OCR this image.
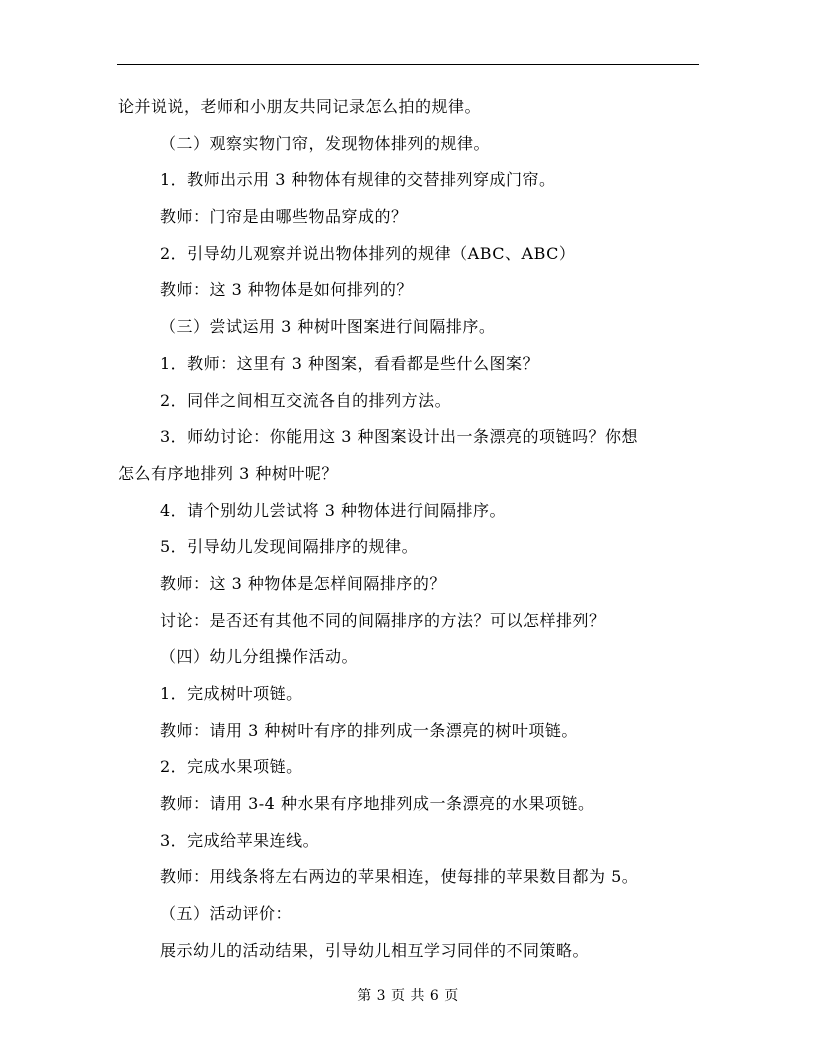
论并说说，老师和小朋友共同记录怎么拍的规律。
（二）观察实物门帘，发现物体排列的规律。
1．教师出示用 3 种物体有规律的交替排列穿成门帘。
教师：门帘是由哪些物品穿成的？
2．引导幼儿观察并说出物体排列的规律（ABC、ABC）
教师：这 3 种物体是如何排列的？
（三）尝试运用 3 种树叶图案进行间隔排序。
1．教师：这里有 3 种图案，看看都是些什么图案？
2．同伴之间相互交流各自的排列方法。
3．师幼讨论：你能用这 3 种图案设计出一条漂亮的项链吗？你想
怎么有序地排列 3 种树叶呢？
4．请个别幼儿尝试将 3 种物体进行间隔排序。
5．引导幼儿发现间隔排序的规律。
教师：这 3 种物体是怎样间隔排序的？
讨论：是否还有其他不同的间隔排序的方法？可以怎样排列？
（四）幼儿分组操作活动。
1．完成树叶项链。
教师：请用 3 种树叶有序的排列成一条漂亮的树叶项链。
2．完成水果项链。
教师：请用 3-4 种水果有序地排列成一条漂亮的水果项链。
3．完成给苹果连线。
教师：用线条将左右两边的苹果相连，使每排的苹果数目都为 5。
（五）活动评价：
展示幼儿的活动结果，引导幼儿相互学习同伴的不同策略。
第 3 页 共 6 页
